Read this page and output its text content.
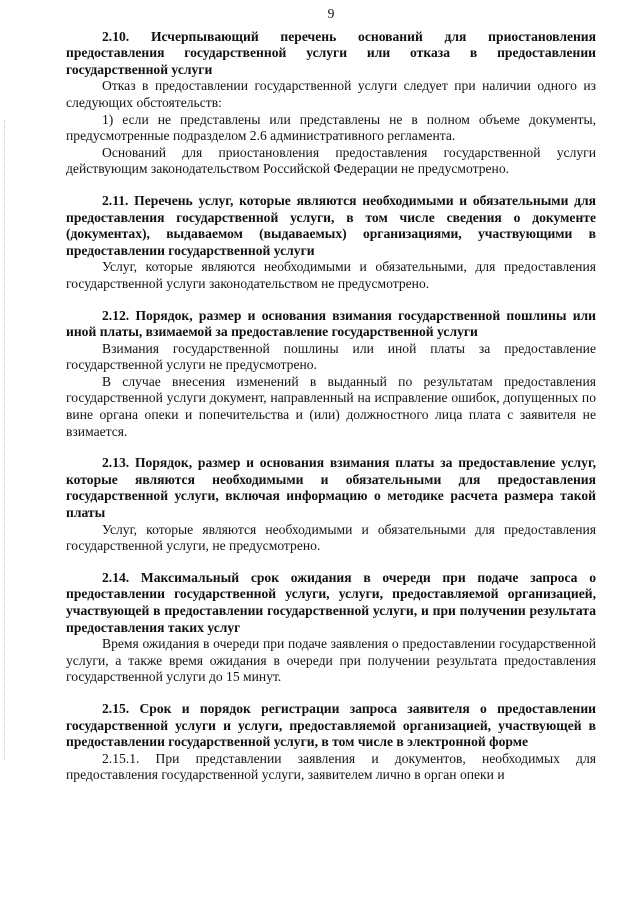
9

2.10. Исчерпывающий перечень оснований для приостановления предоставления государственной услуги или отказа в предоставлении государственной услуги

Отказ в предоставлении государственной услуги следует при наличии одного из следующих обстоятельств:

1) если не представлены или представлены не в полном объеме документы, предусмотренные подразделом 2.6 административного регламента.

Оснований для приостановления предоставления государственной услуги действующим законодательством Российской Федерации не предусмотрено.

2.11. Перечень услуг, которые являются необходимыми и обязательными для предоставления государственной услуги, в том числе сведения о документе (документах), выдаваемом (выдаваемых) организациями, участвующими в предоставлении государственной услуги

Услуг, которые являются необходимыми и обязательными, для предоставления государственной услуги законодательством не предусмотрено.

2.12. Порядок, размер и основания взимания государственной пошлины или иной платы, взимаемой за предоставление государственной услуги

Взимания государственной пошлины или иной платы за предоставление государственной услуги не предусмотрено.

В случае внесения изменений в выданный по результатам предоставления государственной услуги документ, направленный на исправление ошибок, допущенных по вине органа опеки и попечительства и (или) должностного лица плата с заявителя не взимается.

2.13. Порядок, размер и основания взимания платы за предоставление услуг, которые являются необходимыми и обязательными для предоставления государственной услуги, включая информацию о методике расчета размера такой платы

Услуг, которые являются необходимыми и обязательными для предоставления государственной услуги, не предусмотрено.

2.14. Максимальный срок ожидания в очереди при подаче запроса о предоставлении государственной услуги, услуги, предоставляемой организацией, участвующей в предоставлении государственной услуги, и при получении результата предоставления таких услуг

Время ожидания в очереди при подаче заявления о предоставлении государственной услуги, а также время ожидания в очереди при получении результата предоставления государственной услуги до 15 минут.

2.15. Срок и порядок регистрации запроса заявителя о предоставлении государственной услуги и услуги, предоставляемой организацией, участвующей в предоставлении государственной услуги, в том числе в электронной форме

2.15.1. При представлении заявления и документов, необходимых для предоставления государственной услуги, заявителем лично в орган опеки и
